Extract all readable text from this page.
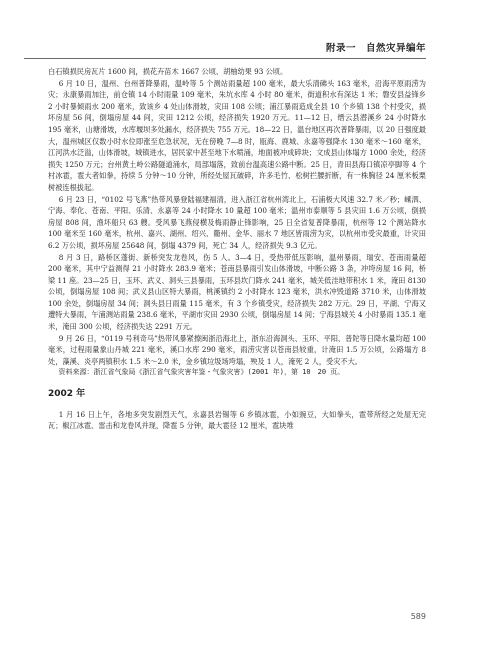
附录一　自然灾异编年

白石镇损民房瓦片 1600 间，损花卉苗木 1667 公顷、胡柚幼果 93 公顷。

6 月 10 日，温州、台州普降暴雨，温岭等 5 个测站雨量超 100 毫米，最大乐清砩头 163 毫米，沿海平原雨涝为灾；永康暴雨加注，前仓镇 14 小时雨量 109 毫米，朱坑水库 4 小时 80 毫米，街道积水有深达 1 米；磐安县益锋乡 2 小时暴倾雨水 200 毫米，致该乡 4 处山体滑坡，灾田 108 公顷；浦江暴雨造成全县 10 个乡镇 138 个村受灾，损坏房屋 56 间，倒塌房屋 44 间，灾田 1212 公顷，经济损失 1920 万元。11—12 日，缙云县潜溪乡 24 小时降水 195 毫米，山塘滑坡，水库堰坝多处漏水，经济损失 755 万元。18—22 日，温台地区再次普降暴雨，以 20 日强度最大，温州城区仅数小时水位即涨至危急状况，无在傍晚 7—8 时，瓯海、鹿城、永嘉等强降水 130 毫米～160 毫米，江河洪水泛溢，山体滑坡，城镇进水，居民家中甚至地下水喷涌，地面被冲成碎块；文成县山体塌方 1000 余处，经济损失 1250 万元；台州黄土岭公路隧道涌水，局部塌落，致前台温高速公路中断。25 日，青田县海口镇凉亭脚等 4 个村冰雹，雹大者如拳，持续 5 分钟～10 分钟，所经处屋瓦破碎，许多毛竹、松树拦腰折断，有一株胸径 24 厘米板栗树被连根拔起。

6 月 23 日，“0102 号飞燕”热带风暴登陆福建福清，进入浙江省杭州湾北上，石浦极大风速 32.7 米／秒；嵊泗、宁海、奉化、苍南、平阳、乐清、永嘉等 24 小时降水 10 量超 100 毫米；温州市泰顺等 5 县灾田 1.6 万公顷，倒损房屋 808 间，渔坏船只 63 艘。受风暴飞燕侵横及梅雨静止锋影响，25 日全省复普降暴雨，杭州等 12 个测站降水 100 毫米至 160 毫米，杭州、嘉兴、湖州、绍兴、衢州、金华、丽水 7 地区皆雨涝为灾，以杭州市受灾最重，计灾田 6.2 万公顷，损坏房屋 25648 间，倒塌 4379 间，死亡 34 人，经济损失 9.3 亿元。

8 月 3 日，路桥区蓬街、新桥突发龙卷风，伤 5 人。3—4 日，受热带低压影响，温州暴雨，瑞安、苍南雨量超 200 毫米，其中宁益测得 21 小时降水 283.9 毫米；苍南县暴雨引发山体滑坡，中断公路 3 条，冲垮房屋 16 间，桥梁 11 座。23—25 日，玉环、武义、洞头三县暴雨，玉环县坎门降水 241 毫米，城关低洼地带积水 1 米，淹田 8130 公顷，倒塌房屋 108 间；武义县山区特大暴雨，桃溪镇约 2 小时降水 123 毫米，洪水冲毁道路 3710 米，山体滑坡 100 余处，倒塌房屋 34 间；洞头县日雨量 115 毫米，有 3 个乡镇受灾，经济损失 282 万元。29 日，平湖、宁海又遭特大暴雨，午浦测站雨量 238.6 毫米，平湖市灾田 2930 公顷，倒塌房屋 14 间；宁海县城关 4 小时暴雨 135.1 毫米，淹田 300 公顷，经济损失达 2291 万元。

9 月 26 日，“0119 号利奇马”热带风暴紧擦闽浙沿海北上，浙东沿海洞头、玉环、平阳、普陀等日降水量均超 100 毫米，过程雨量象山丹城 221 毫米，溪口水库 290 毫米，雨涝灾害以苍南县较重，计淹田 1.5 万公顷，公路塌方 8 处，藻溪、炎亭两镇积水 1.5 米～2.0 米，金乡镇垃圾场垮塌，殃及 1 人，淹死 2 人，受灾不大。

资料来源：浙江省气象局《浙江省气象灾害年鉴・气象灾害》(2001 年)，第 10　20 页。

2002 年

1 月 16 日上午，各地多突发剧烈天气，永嘉县岩锡等 6 乡镇冰雹，小如豌豆，大如拳头，雹带所经之处屋无完瓦；椒江冰雹、雷击和龙卷风并现，降雹 5 分钟，最大雹径 12 厘米，雹块堆

589
